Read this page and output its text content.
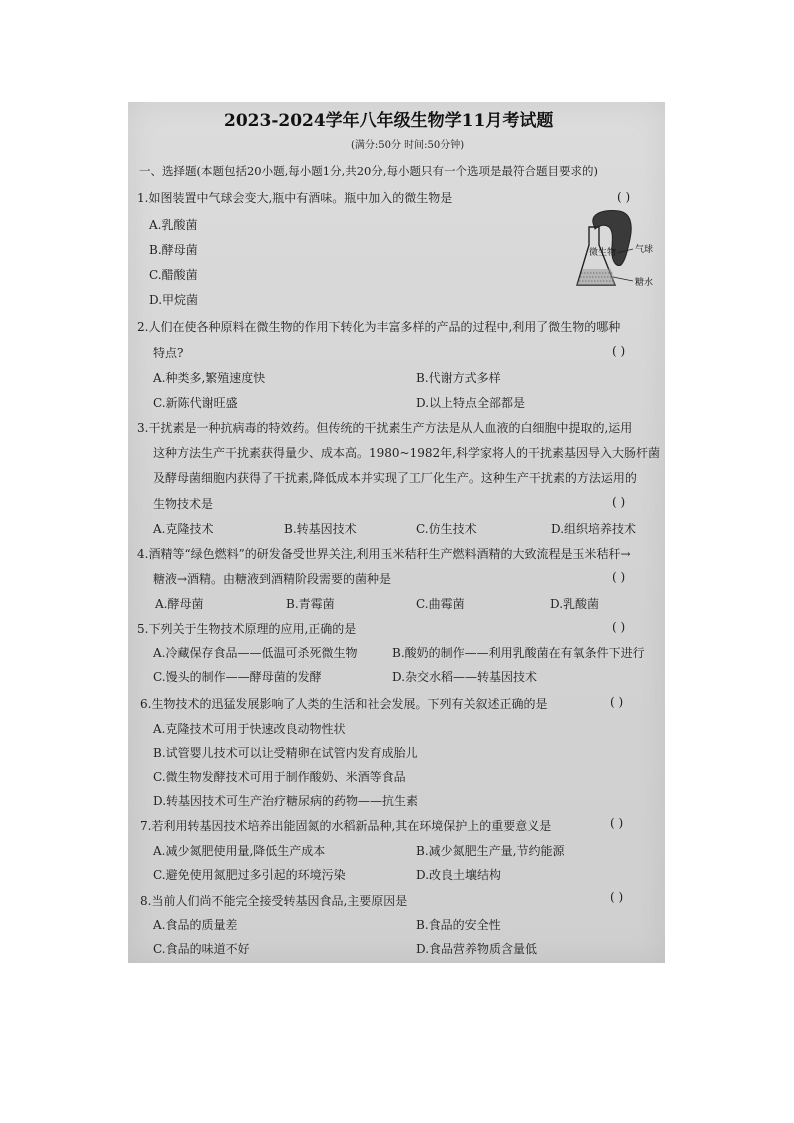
2023-2024学年八年级生物学11月考试题
(满分:50分 时间:50分钟)
一、选择题(本题包括20小题,每小题1分,共20分,每小题只有一个选项是最符合题目要求的)
1.如图装置中气球会变大,瓶中有酒味。瓶中加入的微生物是	( )
A.乳酸菌
B.酵母菌
C.醋酸菌
D.甲烷菌
微生物 气球
糖水
2.人们在使各种原料在微生物的作用下转化为丰富多样的产品的过程中,利用了微生物的哪种
特点?	( )
A.种类多,繁殖速度快	B.代谢方式多样
C.新陈代谢旺盛	D.以上特点全部都是
3.干扰素是一种抗病毒的特效药。但传统的干扰素生产方法是从人血液的白细胞中提取的,运用
这种方法生产干扰素获得量少、成本高。1980~1982年,科学家将人的干扰素基因导入大肠杆菌
及酵母菌细胞内获得了干扰素,降低成本并实现了工厂化生产。这种生产干扰素的方法运用的
生物技术是	( )
A.克隆技术	B.转基因技术	C.仿生技术	D.组织培养技术
4.酒精等“绿色燃料”的研发备受世界关注,利用玉米秸秆生产燃料酒精的大致流程是玉米秸秆→
糖液→酒精。由糖液到酒精阶段需要的菌种是	( )
A.酵母菌	B.青霉菌	C.曲霉菌	D.乳酸菌
5.下列关于生物技术原理的应用,正确的是	( )
A.冷藏保存食品——低温可杀死微生物	B.酸奶的制作——利用乳酸菌在有氧条件下进行
C.馒头的制作——酵母菌的发酵	D.杂交水稻——转基因技术
6.生物技术的迅猛发展影响了人类的生活和社会发展。下列有关叙述正确的是	( )
A.克隆技术可用于快速改良动物性状
B.试管婴儿技术可以让受精卵在试管内发育成胎儿
C.微生物发酵技术可用于制作酸奶、米酒等食品
D.转基因技术可生产治疗糖尿病的药物——抗生素
7.若利用转基因技术培养出能固氮的水稻新品种,其在环境保护上的重要意义是	( )
A.减少氮肥使用量,降低生产成本	B.减少氮肥生产量,节约能源
C.避免使用氮肥过多引起的环境污染	D.改良土壤结构
8.当前人们尚不能完全接受转基因食品,主要原因是	( )
A.食品的质量差	B.食品的安全性
C.食品的味道不好	D.食品营养物质含量低
